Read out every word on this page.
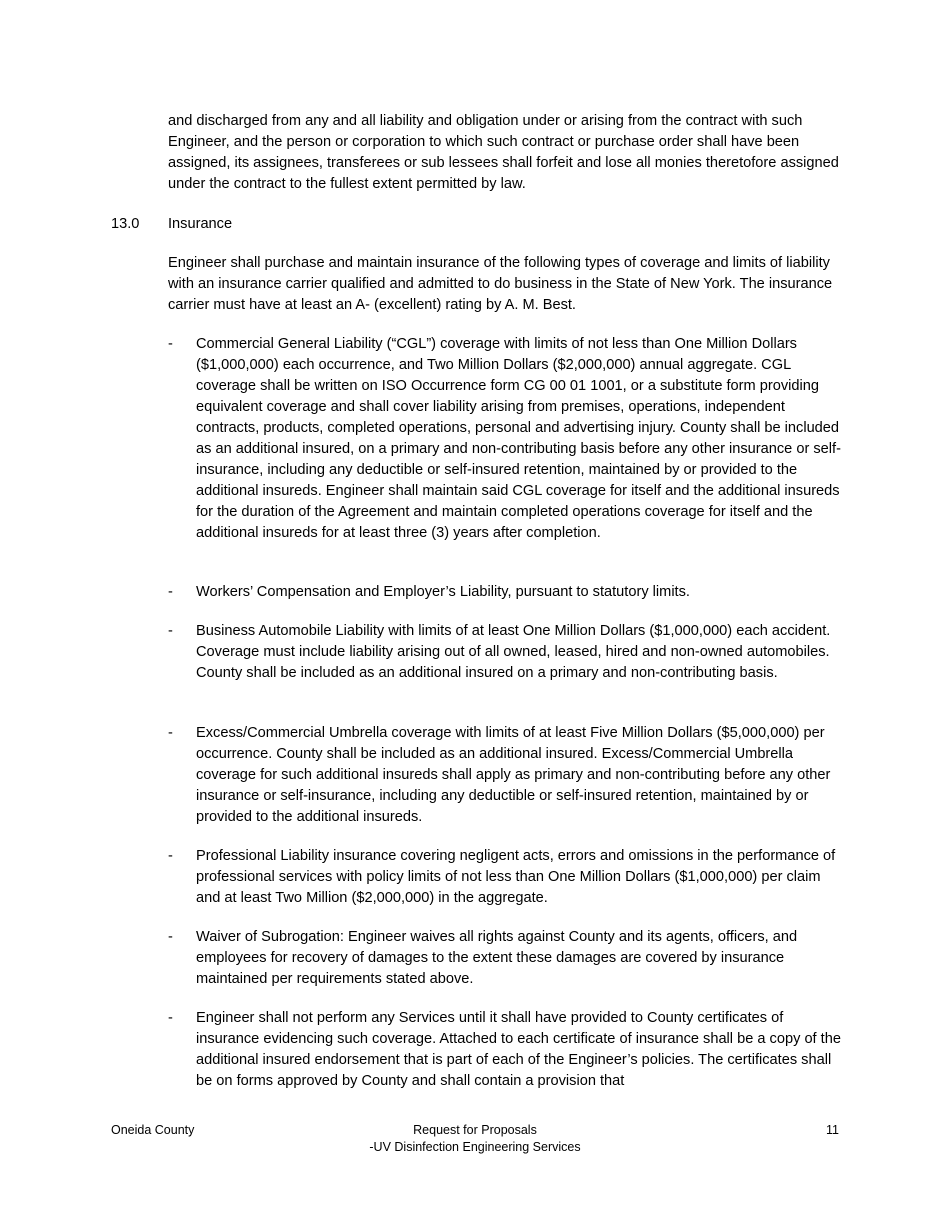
and discharged from any and all liability and obligation under or arising from the contract with such Engineer, and the person or corporation to which such contract or purchase order shall have been assigned, its assignees, transferees or sub lessees shall forfeit and lose all monies theretofore assigned under the contract to the fullest extent permitted by law.

13.0 Insurance

Engineer shall purchase and maintain insurance of the following types of coverage and limits of liability with an insurance carrier qualified and admitted to do business in the State of New York. The insurance carrier must have at least an A- (excellent) rating by A. M. Best.

- Commercial General Liability (“CGL”) coverage with limits of not less than One Million Dollars ($1,000,000) each occurrence, and Two Million Dollars ($2,000,000) annual aggregate. CGL coverage shall be written on ISO Occurrence form CG 00 01 1001, or a substitute form providing equivalent coverage and shall cover liability arising from premises, operations, independent contracts, products, completed operations, personal and advertising injury. County shall be included as an additional insured, on a primary and non-contributing basis before any other insurance or self-insurance, including any deductible or self-insured retention, maintained by or provided to the additional insureds. Engineer shall maintain said CGL coverage for itself and the additional insureds for the duration of the Agreement and maintain completed operations coverage for itself and the additional insureds for at least three (3) years after completion.

- Workers’ Compensation and Employer’s Liability, pursuant to statutory limits.

- Business Automobile Liability with limits of at least One Million Dollars ($1,000,000) each accident. Coverage must include liability arising out of all owned, leased, hired and non-owned automobiles. County shall be included as an additional insured on a primary and non-contributing basis.

- Excess/Commercial Umbrella coverage with limits of at least Five Million Dollars ($5,000,000) per occurrence. County shall be included as an additional insured. Excess/Commercial Umbrella coverage for such additional insureds shall apply as primary and non-contributing before any other insurance or self-insurance, including any deductible or self-insured retention, maintained by or provided to the additional insureds.

- Professional Liability insurance covering negligent acts, errors and omissions in the performance of professional services with policy limits of not less than One Million Dollars ($1,000,000) per claim and at least Two Million ($2,000,000) in the aggregate.

- Waiver of Subrogation: Engineer waives all rights against County and its agents, officers, and employees for recovery of damages to the extent these damages are covered by insurance maintained per requirements stated above.

- Engineer shall not perform any Services until it shall have provided to County certificates of insurance evidencing such coverage. Attached to each certificate of insurance shall be a copy of the additional insured endorsement that is part of each of the Engineer’s policies. The certificates shall be on forms approved by County and shall contain a provision that

Oneida County	Request for Proposals
-UV Disinfection Engineering Services
11
